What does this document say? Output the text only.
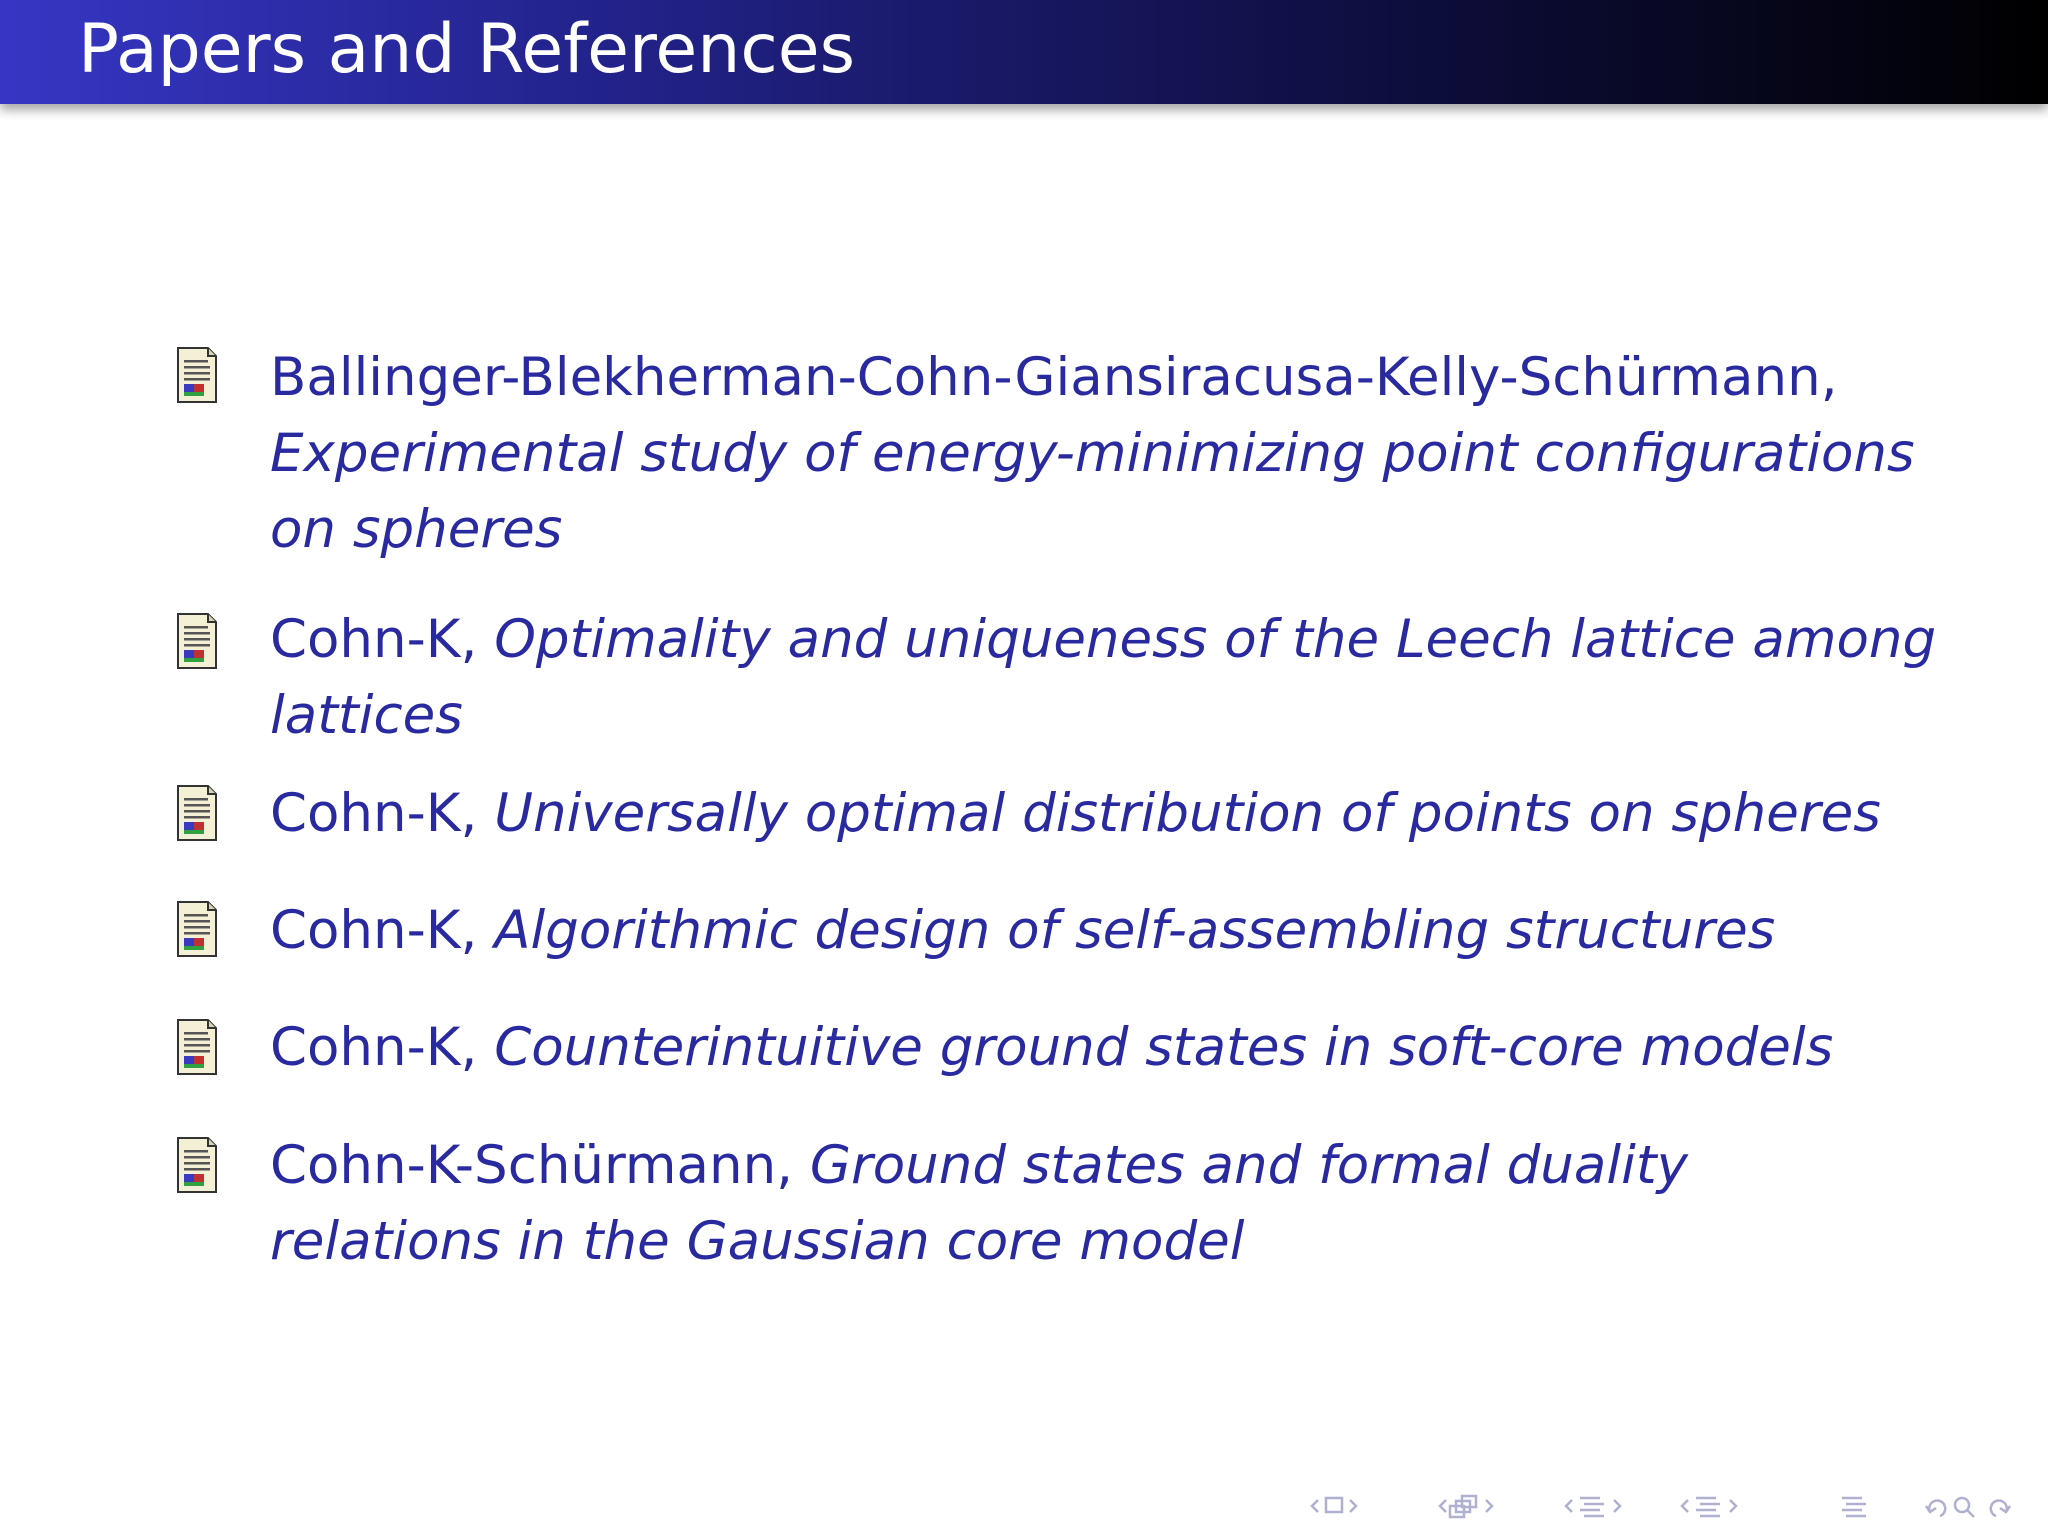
Papers and References
Ballinger-Blekherman-Cohn-Giansiracusa-Kelly-Schürmann,
Experimental study of energy-minimizing point configurations
on spheres
Cohn-K, Optimality and uniqueness of the Leech lattice among
lattices
Cohn-K, Universally optimal distribution of points on spheres
Cohn-K, Algorithmic design of self-assembling structures
Cohn-K, Counterintuitive ground states in soft-core models
Cohn-K-Schürmann, Ground states and formal duality
relations in the Gaussian core model
